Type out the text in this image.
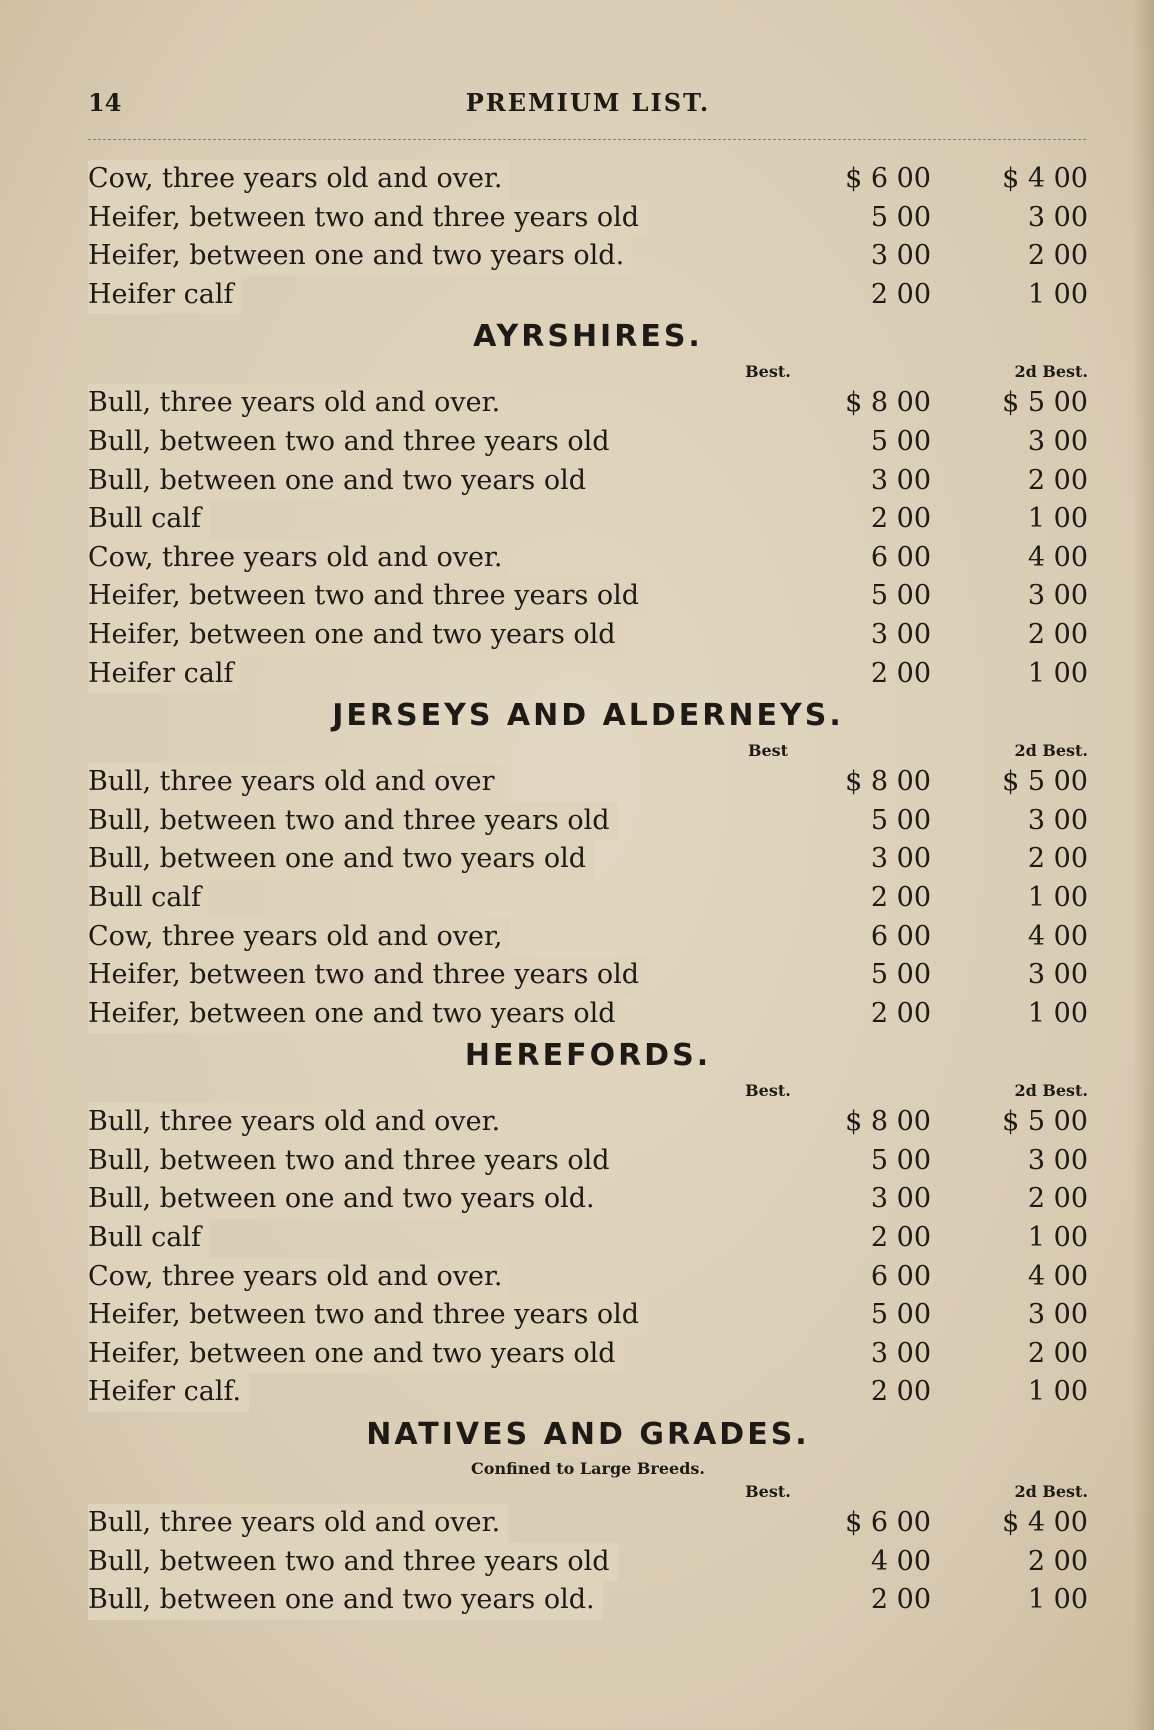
14	PREMIUM LIST.
Cow, three years old and over.	$ 6 00	$ 4 00
Heifer, between two and three years old	5 00	3 00
Heifer, between one and two years old.	3 00	2 00
Heifer calf	2 00	1 00
AYRSHIRES.
Best.	2d Best.
Bull, three years old and over.	$ 8 00	$ 5 00
Bull, between two and three years old	5 00	3 00
Bull, between one and two years old	3 00	2 00
Bull calf	2 00	1 00
Cow, three years old and over.	6 00	4 00
Heifer, between two and three years old	5 00	3 00
Heifer, between one and two years old	3 00	2 00
Heifer calf	2 00	1 00
JERSEYS AND ALDERNEYS.
Best	2d Best.
Bull, three years old and over	$ 8 00	$ 5 00
Bull, between two and three years old	5 00	3 00
Bull, between one and two years old	3 00	2 00
Bull calf	2 00	1 00
Cow, three years old and over,	6 00	4 00
Heifer, between two and three years old	5 00	3 00
Heifer, between one and two years old	2 00	1 00
HEREFORDS.
Best.	2d Best.
Bull, three years old and over.	$ 8 00	$ 5 00
Bull, between two and three years old	5 00	3 00
Bull, between one and two years old.	3 00	2 00
Bull calf	2 00	1 00
Cow, three years old and over.	6 00	4 00
Heifer, between two and three years old	5 00	3 00
Heifer, between one and two years old	3 00	2 00
Heifer calf.	2 00	1 00
NATIVES AND GRADES.
Confined to Large Breeds.
Best.	2d Best.
Bull, three years old and over.	$ 6 00	$ 4 00
Bull, between two and three years old	4 00	2 00
Bull, between one and two years old.	2 00	1 00
